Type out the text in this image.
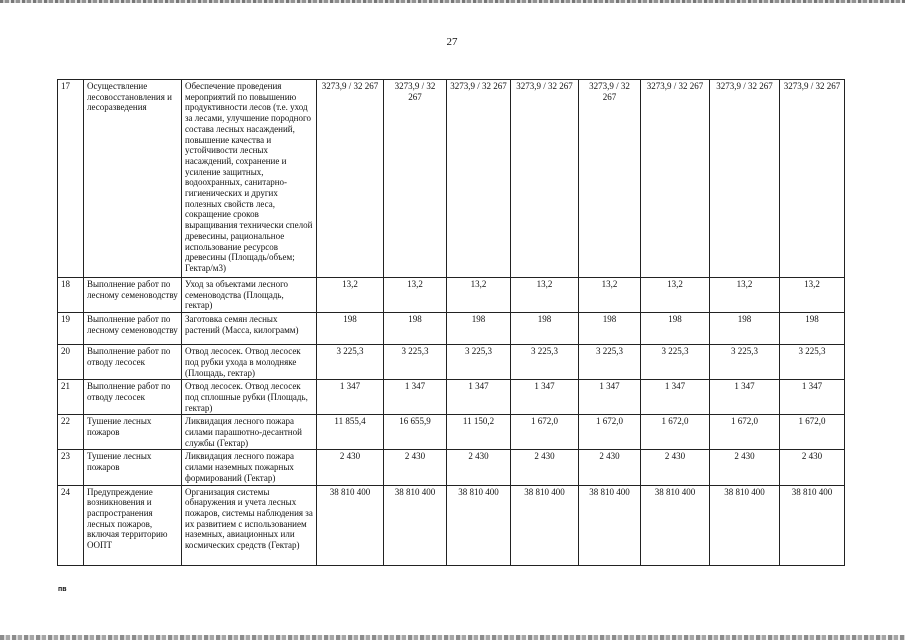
27
17	Осуществление лесовосстановления и лесоразведения	Обеспечение проведения мероприятий по повышению продуктивности лесов (т.е. уход за лесами, улучшение породного состава лесных насаждений, повышение качества и устойчивости лесных насаждений, сохранение и усиление защитных, водоохранных, санитарно-гигиенических и других полезных свойств леса, сокращение сроков выращивания технически спелой древесины, рациональное использование ресурсов древесины (Площадь/объем; Гектар/м3)	3273,9 / 32 267	3273,9 / 32 267	3273,9 / 32 267	3273,9 / 32 267	3273,9 / 32 267	3273,9 / 32 267	3273,9 / 32 267	3273,9 / 32 267
18	Выполнение работ по лесному семеноводству	Уход за объектами лесного семеноводства (Площадь, гектар)	13,2	13,2	13,2	13,2	13,2	13,2	13,2	13,2
19	Выполнение работ по лесному семеноводству	Заготовка семян лесных растений (Масса, килограмм)	198	198	198	198	198	198	198	198
20	Выполнение работ по отводу лесосек	Отвод лесосек. Отвод лесосек под рубки ухода в молодняке (Площадь, гектар)	3 225,3	3 225,3	3 225,3	3 225,3	3 225,3	3 225,3	3 225,3	3 225,3
21	Выполнение работ по отводу лесосек	Отвод лесосек. Отвод лесосек под сплошные рубки (Площадь, гектар)	1 347	1 347	1 347	1 347	1 347	1 347	1 347	1 347
22	Тушение лесных пожаров	Ликвидация лесного пожара силами парашютно-десантной службы (Гектар)	11 855,4	16 655,9	11 150,2	1 672,0	1 672,0	1 672,0	1 672,0	1 672,0
23	Тушение лесных пожаров	Ликвидация лесного пожара силами наземных пожарных формирований (Гектар)	2 430	2 430	2 430	2 430	2 430	2 430	2 430	2 430
24	Предупреждение возникновения и распространения лесных пожаров, включая территорию ООПТ	Организация системы обнаружения и учета лесных пожаров, системы наблюдения за их развитием с использованием наземных, авиационных или космических средств (Гектар)	38 810 400	38 810 400	38 810 400	38 810 400	38 810 400	38 810 400	38 810 400	38 810 400
пв
